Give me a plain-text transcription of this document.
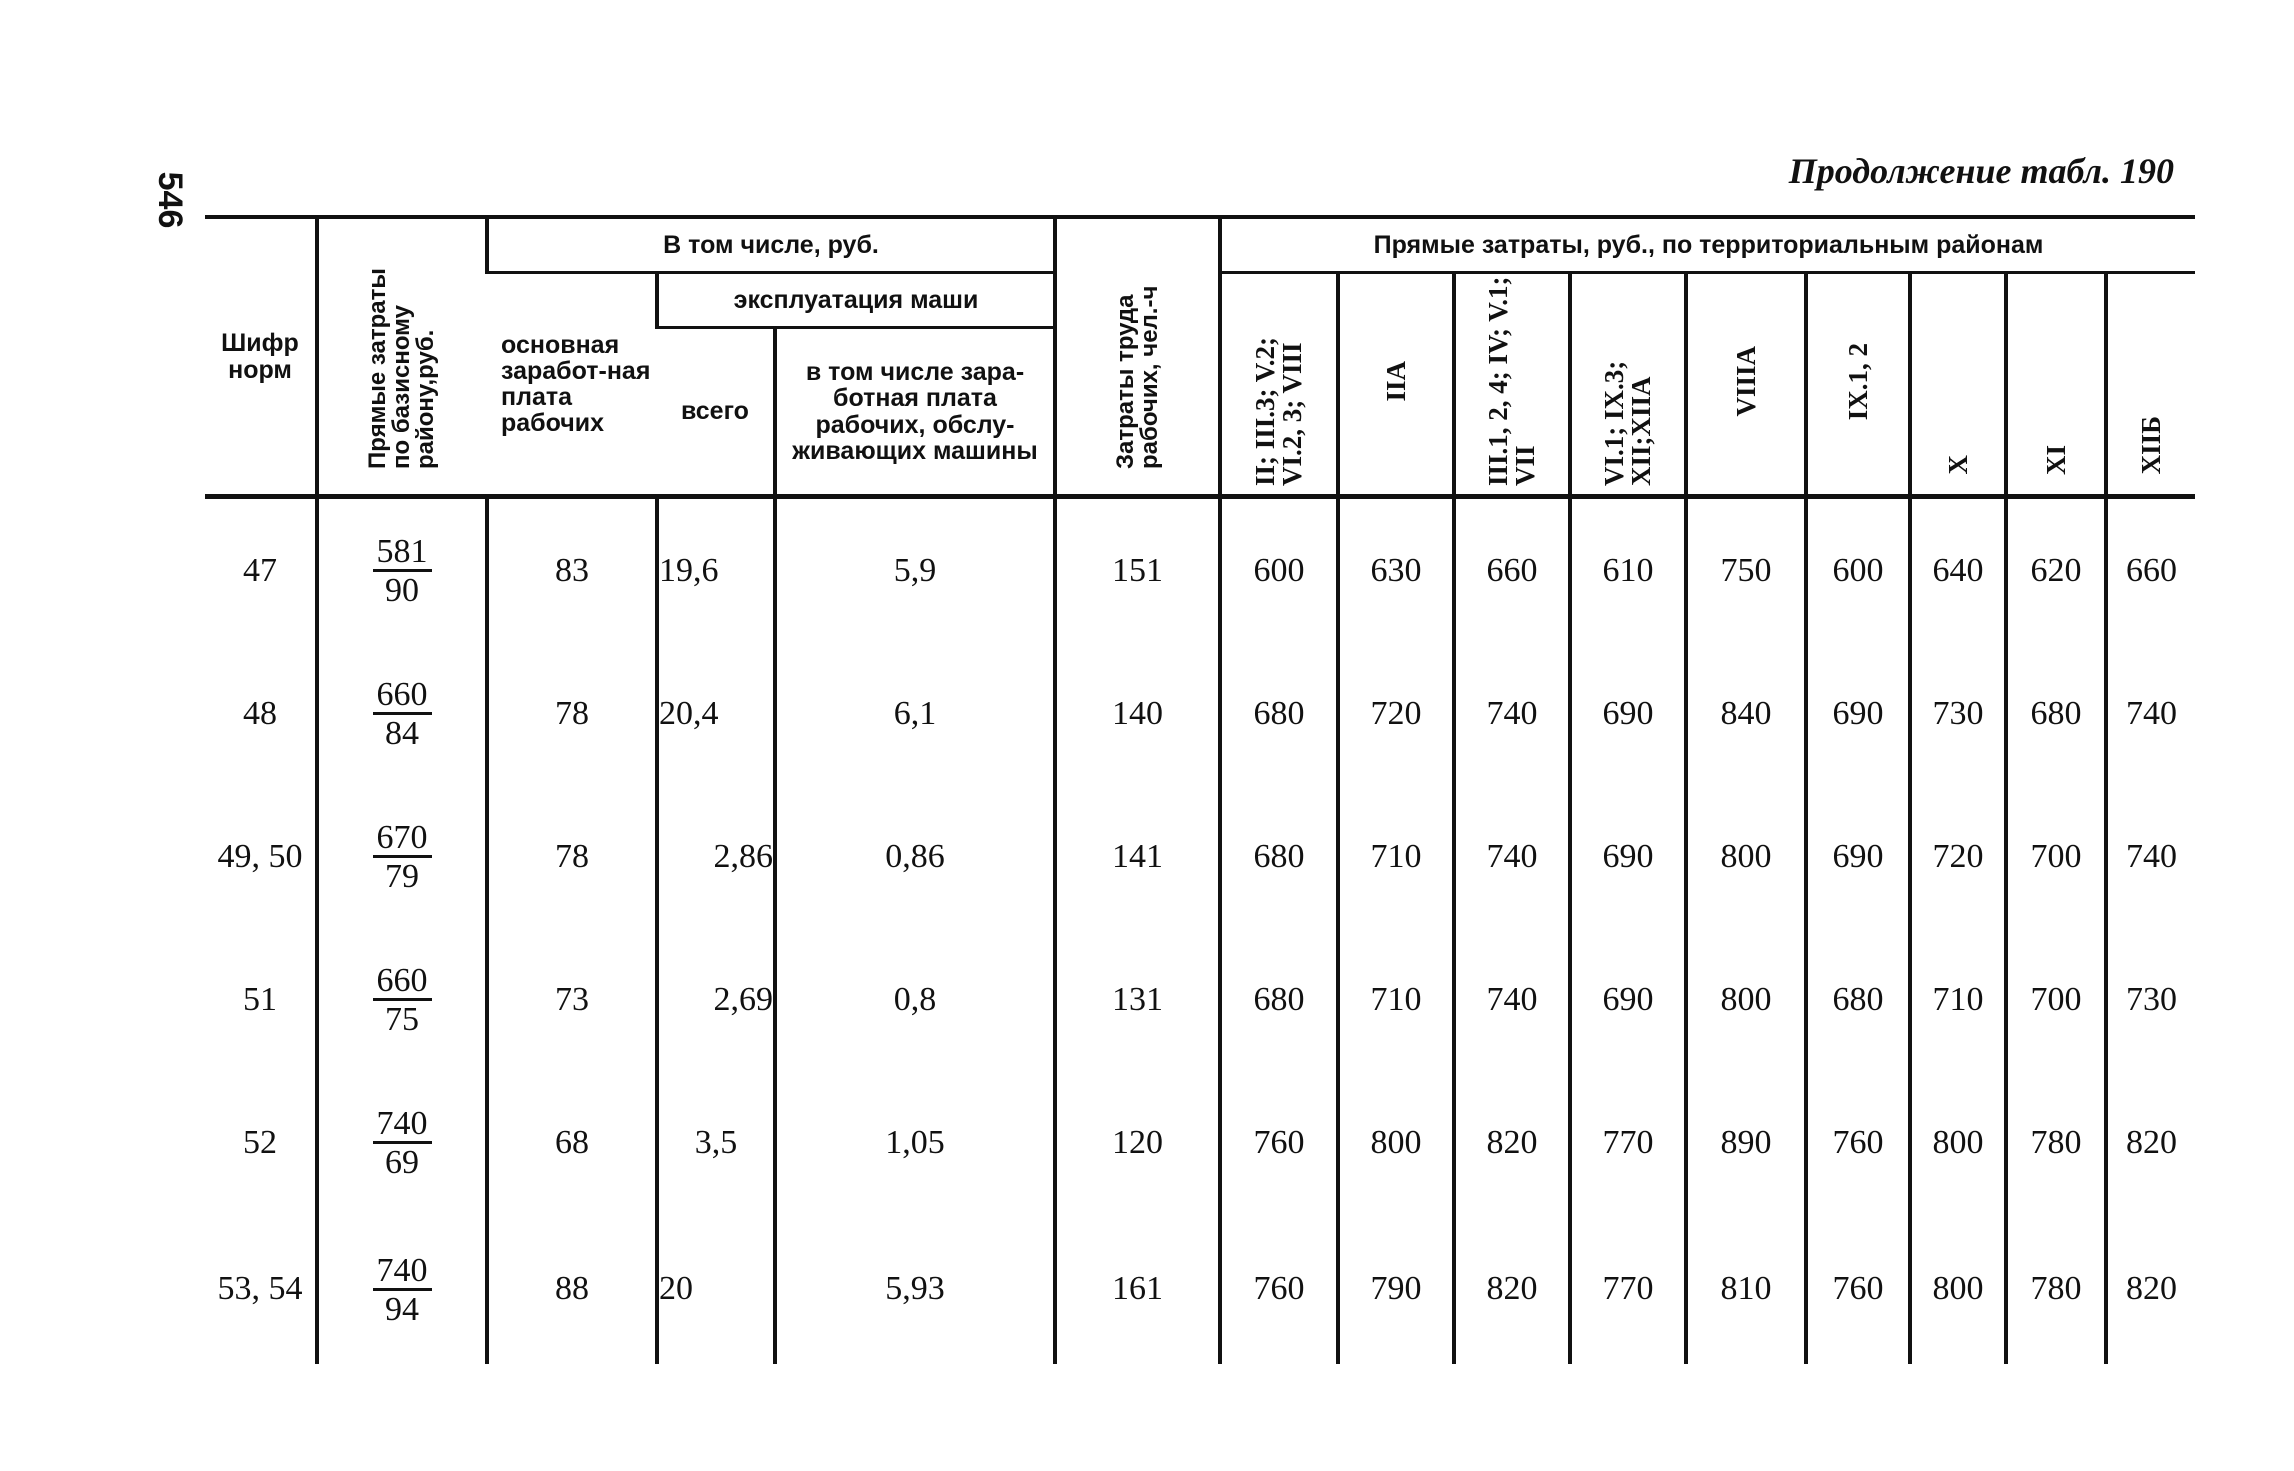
546
Продолжение табл. 190
Шифр норм	Прямые затраты по базисному району,руб.	В том числе, руб.			Затраты труда рабочих, чел.-ч	Прямые затраты, руб., по территориальным районам								
		основная заработ-ная плата рабочих	эксплуатация маши			II; III.3; V.2; VI.2, 3; VIII	IIA	III.1, 2, 4; IV; V.1; VII	VI.1; IX.3; XII;XIIA	VIIIA	IX.1, 2	X	XI	XIIБ
			всего	в том числе зара-ботная плата рабочих, обслу-живающих машины										
47	$\frac{581}{90}$	83	19,6	5,9	151	600	630	660	610	750	600	640	620	660
48	$\frac{660}{84}$	78	20,4	6,1	140	680	720	740	690	840	690	730	680	740
49, 50	$\frac{670}{79}$	78	2,86	0,86	141	680	710	740	690	800	690	720	700	740
51	$\frac{660}{75}$	73	2,69	0,8	131	680	710	740	690	800	680	710	700	730
52	$\frac{740}{69}$	68	3,5	1,05	120	760	800	820	770	890	760	800	780	820
53, 54	$\frac{740}{94}$	88	20	5,93	161	760	790	820	770	810	760	800	780	820
